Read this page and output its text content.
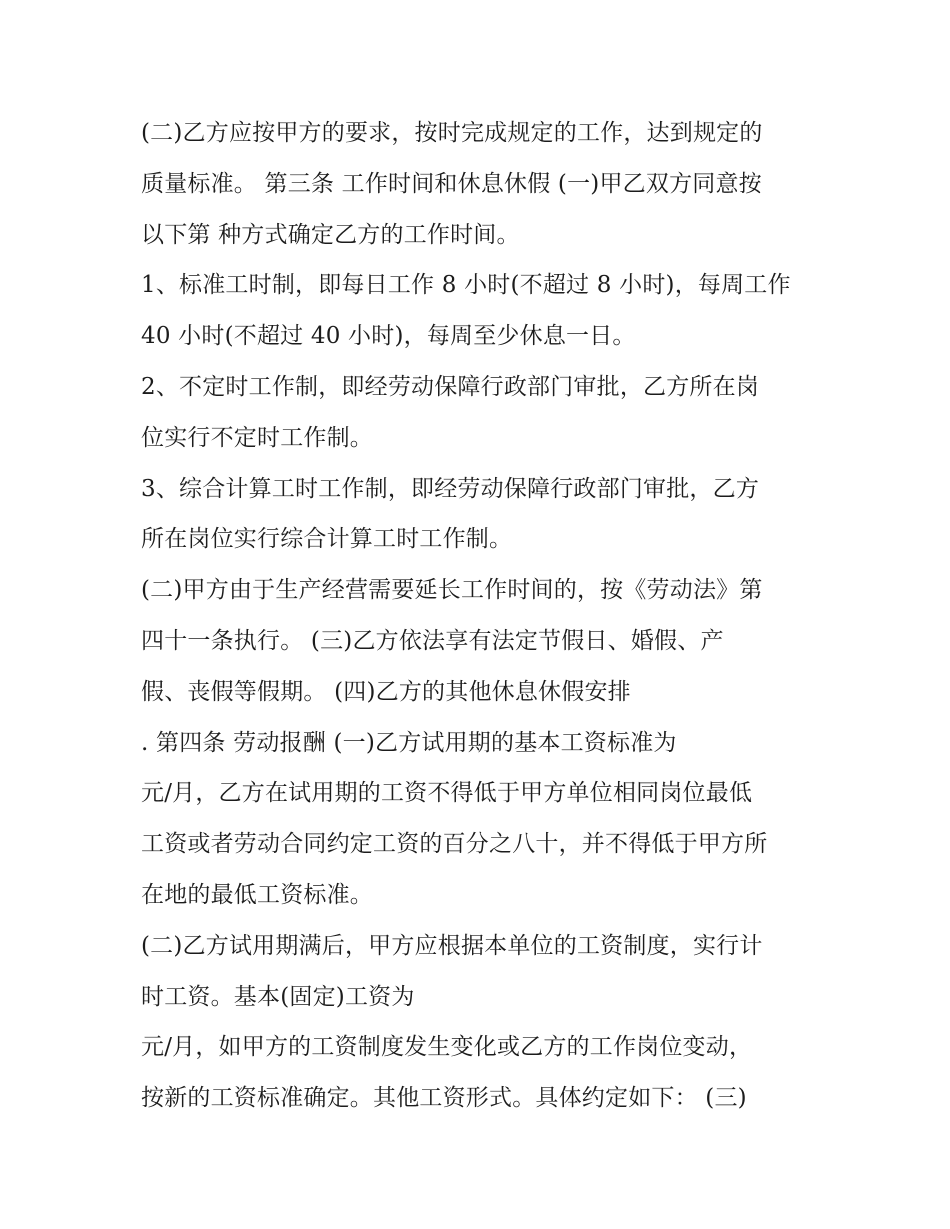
(二)乙方应按甲方的要求，按时完成规定的工作，达到规定的
质量标准。 第三条 工作时间和休息休假 (一)甲乙双方同意按
以下第 种方式确定乙方的工作时间。
1、标准工时制，即每日工作 8 小时(不超过 8 小时)，每周工作
40 小时(不超过 40 小时)，每周至少休息一日。
2、不定时工作制，即经劳动保障行政部门审批，乙方所在岗
位实行不定时工作制。
3、综合计算工时工作制，即经劳动保障行政部门审批，乙方
所在岗位实行综合计算工时工作制。
(二)甲方由于生产经营需要延长工作时间的，按《劳动法》第
四十一条执行。 (三)乙方依法享有法定节假日、婚假、产
假、丧假等假期。 (四)乙方的其他休息休假安排
. 第四条 劳动报酬 (一)乙方试用期的基本工资标准为
元/月，乙方在试用期的工资不得低于甲方单位相同岗位最低
工资或者劳动合同约定工资的百分之八十，并不得低于甲方所
在地的最低工资标准。
(二)乙方试用期满后，甲方应根据本单位的工资制度，实行计
时工资。基本(固定)工资为
元/月，如甲方的工资制度发生变化或乙方的工作岗位变动，
按新的工资标准确定。其他工资形式。具体约定如下： (三)
